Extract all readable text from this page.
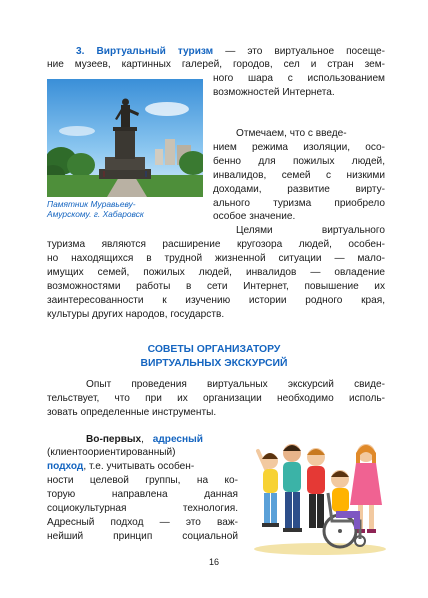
3. Виртуальный туризм — это виртуальное посеще-
ние музеев, картинных галерей, городов, сел и стран зем-
ного шара с использованием
возможностей Интернета.
Памятник Муравьеву-
Амурскому. г. Хабаровск
Отмечаем, что с введе-
нием режима изоляции, осо-
бенно для пожилых людей,
инвалидов, семей с низкими
доходами, развитие вирту-
ального туризма приобрело
особое значение.
Целями виртуального
туризма являются расширение кругозора людей, особен-
но находящихся в трудной жизненной ситуации — мало-
имущих семей, пожилых людей, инвалидов — овладение
возможностями работы в сети Интернет, повышение их
заинтересованности к изучению истории родного края,
культуры других народов, государств.
СОВЕТЫ ОРГАНИЗАТОРУ
ВИРТУАЛЬНЫХ ЭКСКУРСИЙ
Опыт проведения виртуальных экскурсий свиде-
тельствует, что при их организации необходимо исполь-
зовать определенные инструменты.
Во-первых, адресный
(клиентоориентированный)
подход, т.е. учитывать особен-
ности целевой группы, на ко-
торую направлена данная
социокультурная технология.
Адресный подход — это важ-
нейший принцип социальной
16
